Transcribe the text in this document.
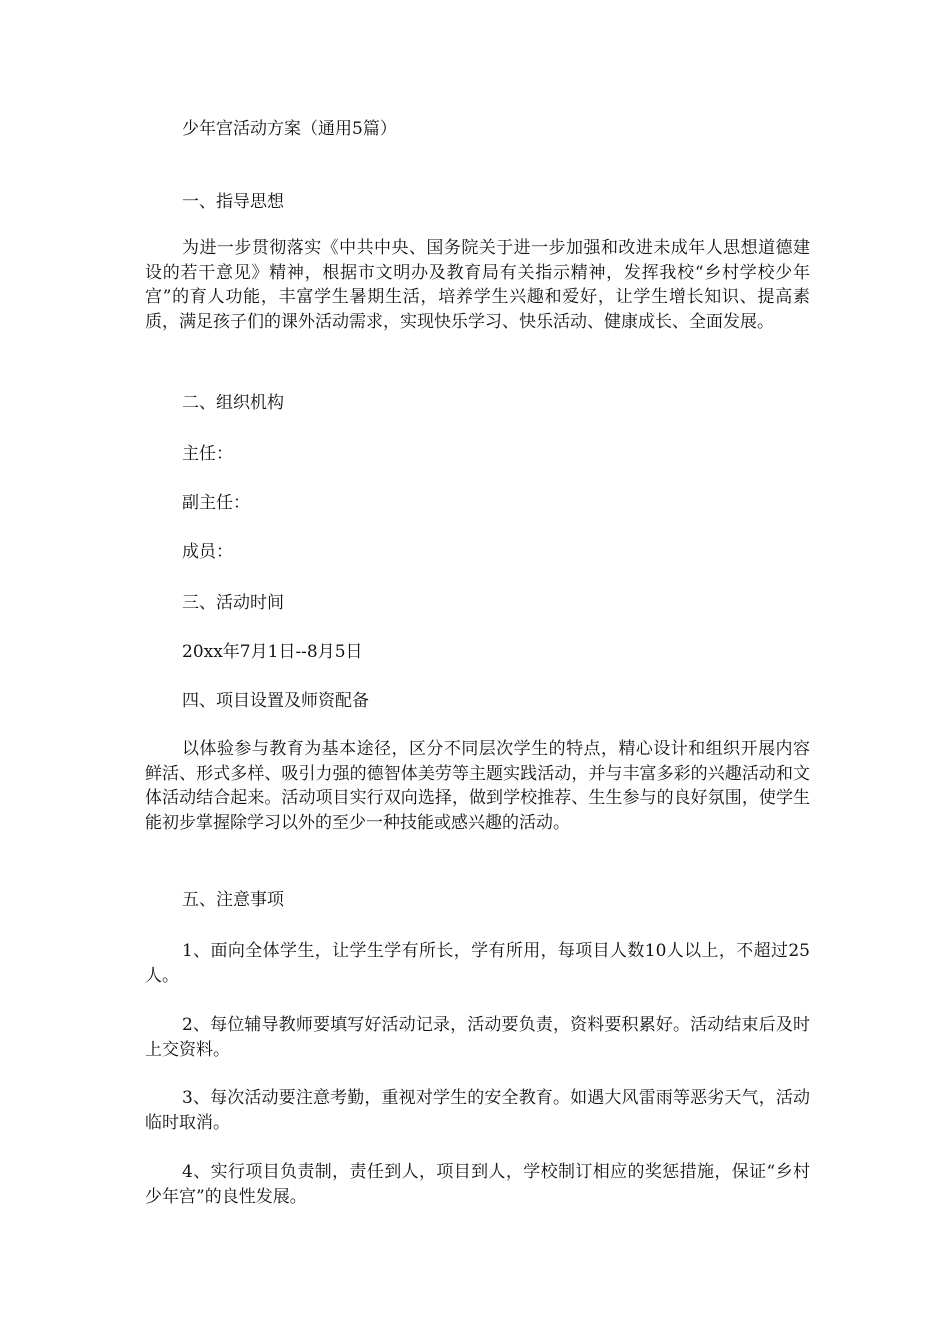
少年宫活动方案（通用5篇）
一、指导思想
为进一步贯彻落实《中共中央、国务院关于进一步加强和改进未成年人思想道德建设的若干意见》精神，根据市文明办及教育局有关指示精神，发挥我校“乡村学校少年宫”的育人功能，丰富学生暑期生活，培养学生兴趣和爱好，让学生增长知识、提高素质，满足孩子们的课外活动需求，实现快乐学习、快乐活动、健康成长、全面发展。
二、组织机构
主任：
副主任：
成员：
三、活动时间
20xx年7月1日--8月5日
四、项目设置及师资配备
以体验参与教育为基本途径，区分不同层次学生的特点，精心设计和组织开展内容鲜活、形式多样、吸引力强的德智体美劳等主题实践活动，并与丰富多彩的兴趣活动和文体活动结合起来。活动项目实行双向选择，做到学校推荐、生生参与的良好氛围，使学生能初步掌握除学习以外的至少一种技能或感兴趣的活动。
五、注意事项
1、面向全体学生，让学生学有所长，学有所用，每项目人数10人以上，不超过25人。
2、每位辅导教师要填写好活动记录，活动要负责，资料要积累好。活动结束后及时上交资料。
3、每次活动要注意考勤，重视对学生的安全教育。如遇大风雷雨等恶劣天气，活动临时取消。
4、实行项目负责制，责任到人，项目到人，学校制订相应的奖惩措施，保证“乡村少年宫”的良性发展。
